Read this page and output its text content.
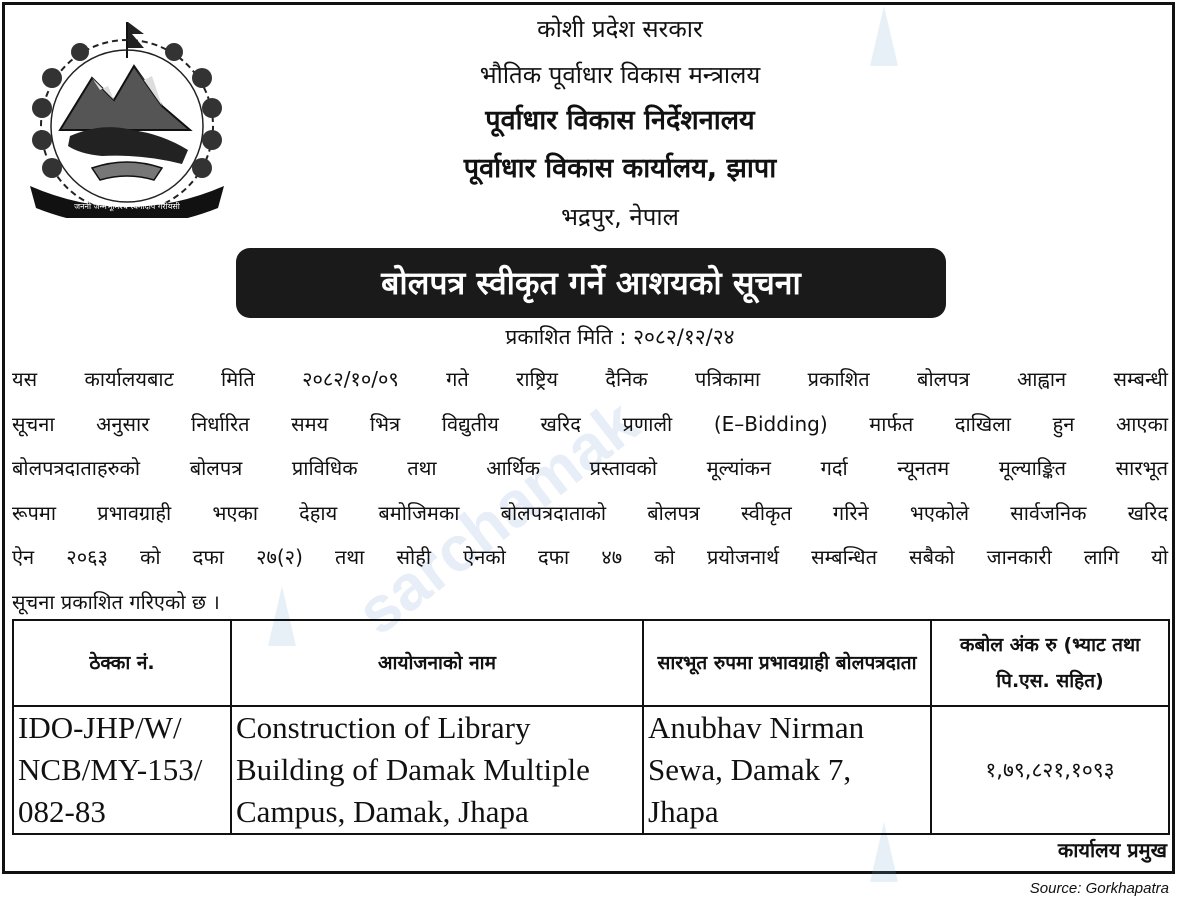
sarchamak
जननी जन्मभूमिश्च स्वर्गादपि गरीयसी
कोशी प्रदेश सरकार
भौतिक पूर्वाधार विकास मन्त्रालय
पूर्वाधार विकास निर्देशनालय
पूर्वाधार विकास कार्यालय, झापा
भद्रपुर, नेपाल
बोलपत्र स्वीकृत गर्ने आशयको सूचना
प्रकाशित मिति : २०८२/१२/२४
यस कार्यालयबाट मिति २०८२/१०/०९ गते राष्ट्रिय दैनिक पत्रिकामा प्रकाशित बोलपत्र आह्वान सम्बन्धी
सूचना अनुसार निर्धारित समय भित्र विद्युतीय खरिद प्रणाली (E–Bidding) मार्फत दाखिला हुन आएका
बोलपत्रदाताहरुको बोलपत्र प्राविधिक तथा आर्थिक प्रस्तावको मूल्यांकन गर्दा न्यूनतम मूल्याङ्कित सारभूत
रूपमा प्रभावग्राही भएका देहाय बमोजिमका बोलपत्रदाताको बोलपत्र स्वीकृत गरिने भएकोले सार्वजनिक खरिद
ऐन २०६३ को दफा २७(२) तथा सोही ऐनको दफा ४७ को प्रयोजनार्थ सम्बन्धित सबैको जानकारी लागि यो
सूचना प्रकाशित गरिएको छ ।
ठेक्का नं.	आयोजनाको नाम	सारभूत रुपमा प्रभावग्राही बोलपत्रदाता	कबोल अंक रु (भ्याट तथा पि.एस. सहित)
IDO-JHP/W/ NCB/MY-153/ 082-83	Construction of Library Building of Damak Multiple Campus, Damak, Jhapa	Anubhav Nirman Sewa, Damak 7, Jhapa	१,७९,८२१,१०९३
कार्यालय प्रमुख
Source: Gorkhapatra
